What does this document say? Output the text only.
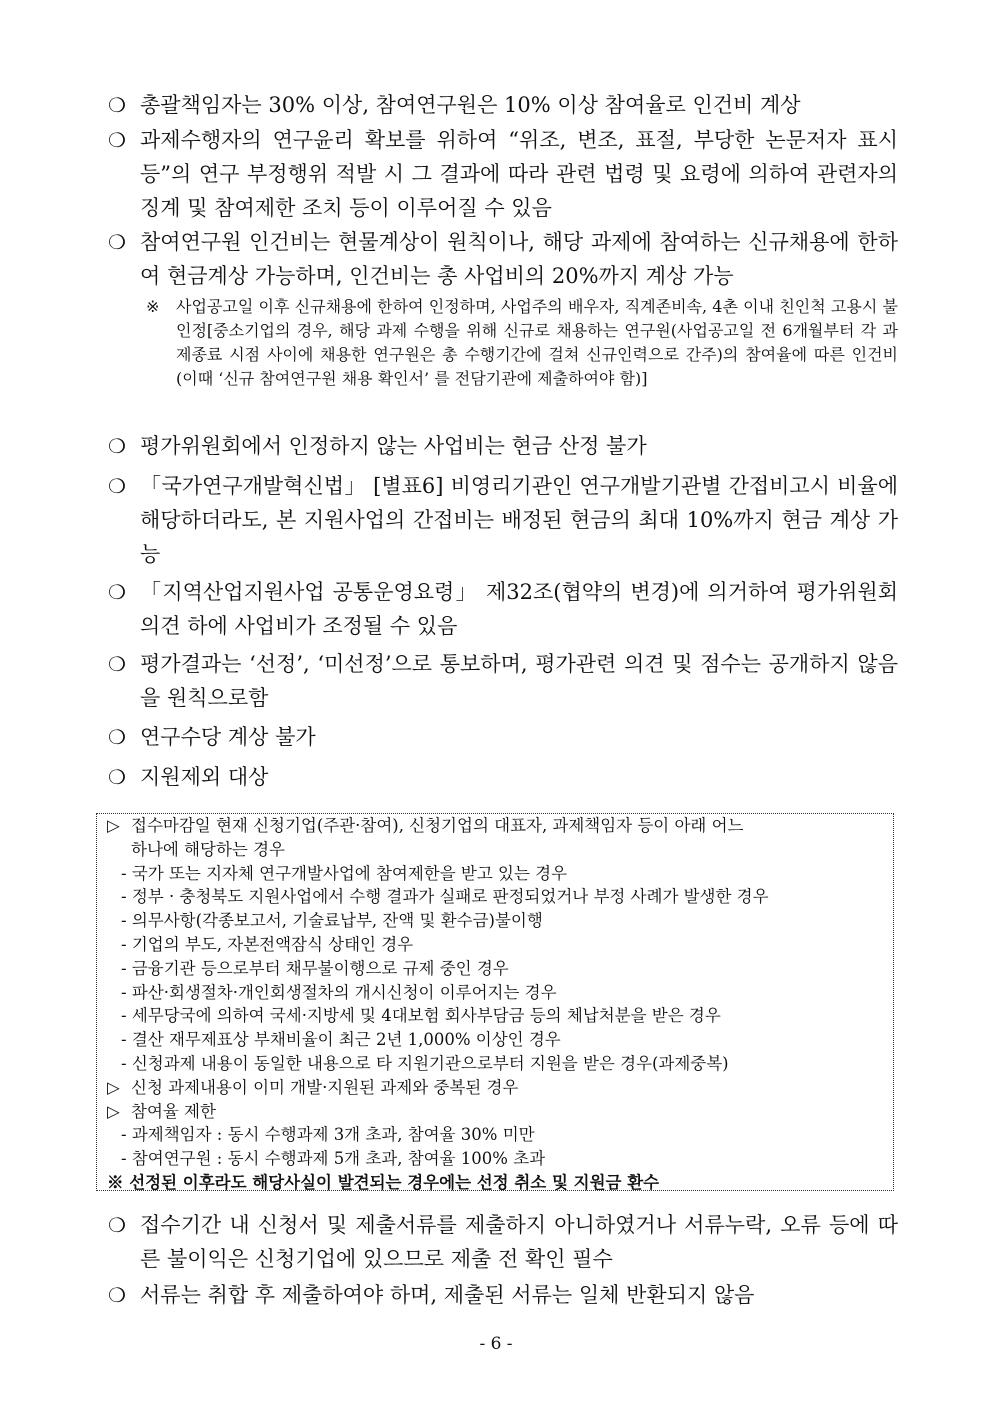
❍ 총괄책임자는 30% 이상, 참여연구원은 10% 이상 참여율로 인건비 계상
❍ 과제수행자의 연구윤리 확보를 위하여 “위조, 변조, 표절, 부당한 논문저자 표시 등”의 연구 부정행위 적발 시 그 결과에 따라 관련 법령 및 요령에 의하여 관련자의 징계 및 참여제한 조치 등이 이루어질 수 있음
❍ 참여연구원 인건비는 현물계상이 원칙이나, 해당 과제에 참여하는 신규채용에 한하여 현금계상 가능하며, 인건비는 총 사업비의 20%까지 계상 가능
※ 사업공고일 이후 신규채용에 한하여 인정하며, 사업주의 배우자, 직계존비속, 4촌 이내 친인척 고용시 불인정[중소기업의 경우, 해당 과제 수행을 위해 신규로 채용하는 연구원(사업공고일 전 6개월부터 각 과제종료 시점 사이에 채용한 연구원은 총 수행기간에 걸쳐 신규인력으로 간주)의 참여율에 따른 인건비(이때 ‘신규 참여연구원 채용 확인서’ 를 전담기관에 제출하여야 함)]
❍ 평가위원회에서 인정하지 않는 사업비는 현금 산정 불가
❍ 「국가연구개발혁신법」 [별표6] 비영리기관인 연구개발기관별 간접비고시 비율에 해당하더라도, 본 지원사업의 간접비는 배정된 현금의 최대 10%까지 현금 계상 가능
❍ 「지역산업지원사업 공통운영요령」 제32조(협약의 변경)에 의거하여 평가위원회 의견 하에 사업비가 조정될 수 있음
❍ 평가결과는 ‘선정’, ‘미선정’으로 통보하며, 평가관련 의견 및 점수는 공개하지 않음을 원칙으로함
❍ 연구수당 계상 불가
❍ 지원제외 대상
▷ 접수마감일 현재 신청기업(주관·참여), 신청기업의 대표자, 과제책임자 등이 아래 어느
하나에 해당하는 경우
- 국가 또는 지자체 연구개발사업에 참여제한을 받고 있는 경우
- 정부 · 충청북도 지원사업에서 수행 결과가 실패로 판정되었거나 부정 사례가 발생한 경우
- 의무사항(각종보고서, 기술료납부, 잔액 및 환수금)불이행
- 기업의 부도, 자본전액잠식 상태인 경우
- 금융기관 등으로부터 채무불이행으로 규제 중인 경우
- 파산·회생절차·개인회생절차의 개시신청이 이루어지는 경우
- 세무당국에 의하여 국세·지방세 및 4대보험 회사부담금 등의 체납처분을 받은 경우
- 결산 재무제표상 부채비율이 최근 2년 1,000% 이상인 경우
- 신청과제 내용이 동일한 내용으로 타 지원기관으로부터 지원을 받은 경우(과제중복)
▷ 신청 과제내용이 이미 개발·지원된 과제와 중복된 경우
▷ 참여율 제한
- 과제책임자 : 동시 수행과제 3개 초과, 참여율 30% 미만
- 참여연구원 : 동시 수행과제 5개 초과, 참여율 100% 초과
※ 선정된 이후라도 해당사실이 발견되는 경우에는 선정 취소 및 지원금 환수
❍ 접수기간 내 신청서 및 제출서류를 제출하지 아니하였거나 서류누락, 오류 등에 따른 불이익은 신청기업에 있으므로 제출 전 확인 필수
❍ 서류는 취합 후 제출하여야 하며, 제출된 서류는 일체 반환되지 않음
- 6 -
